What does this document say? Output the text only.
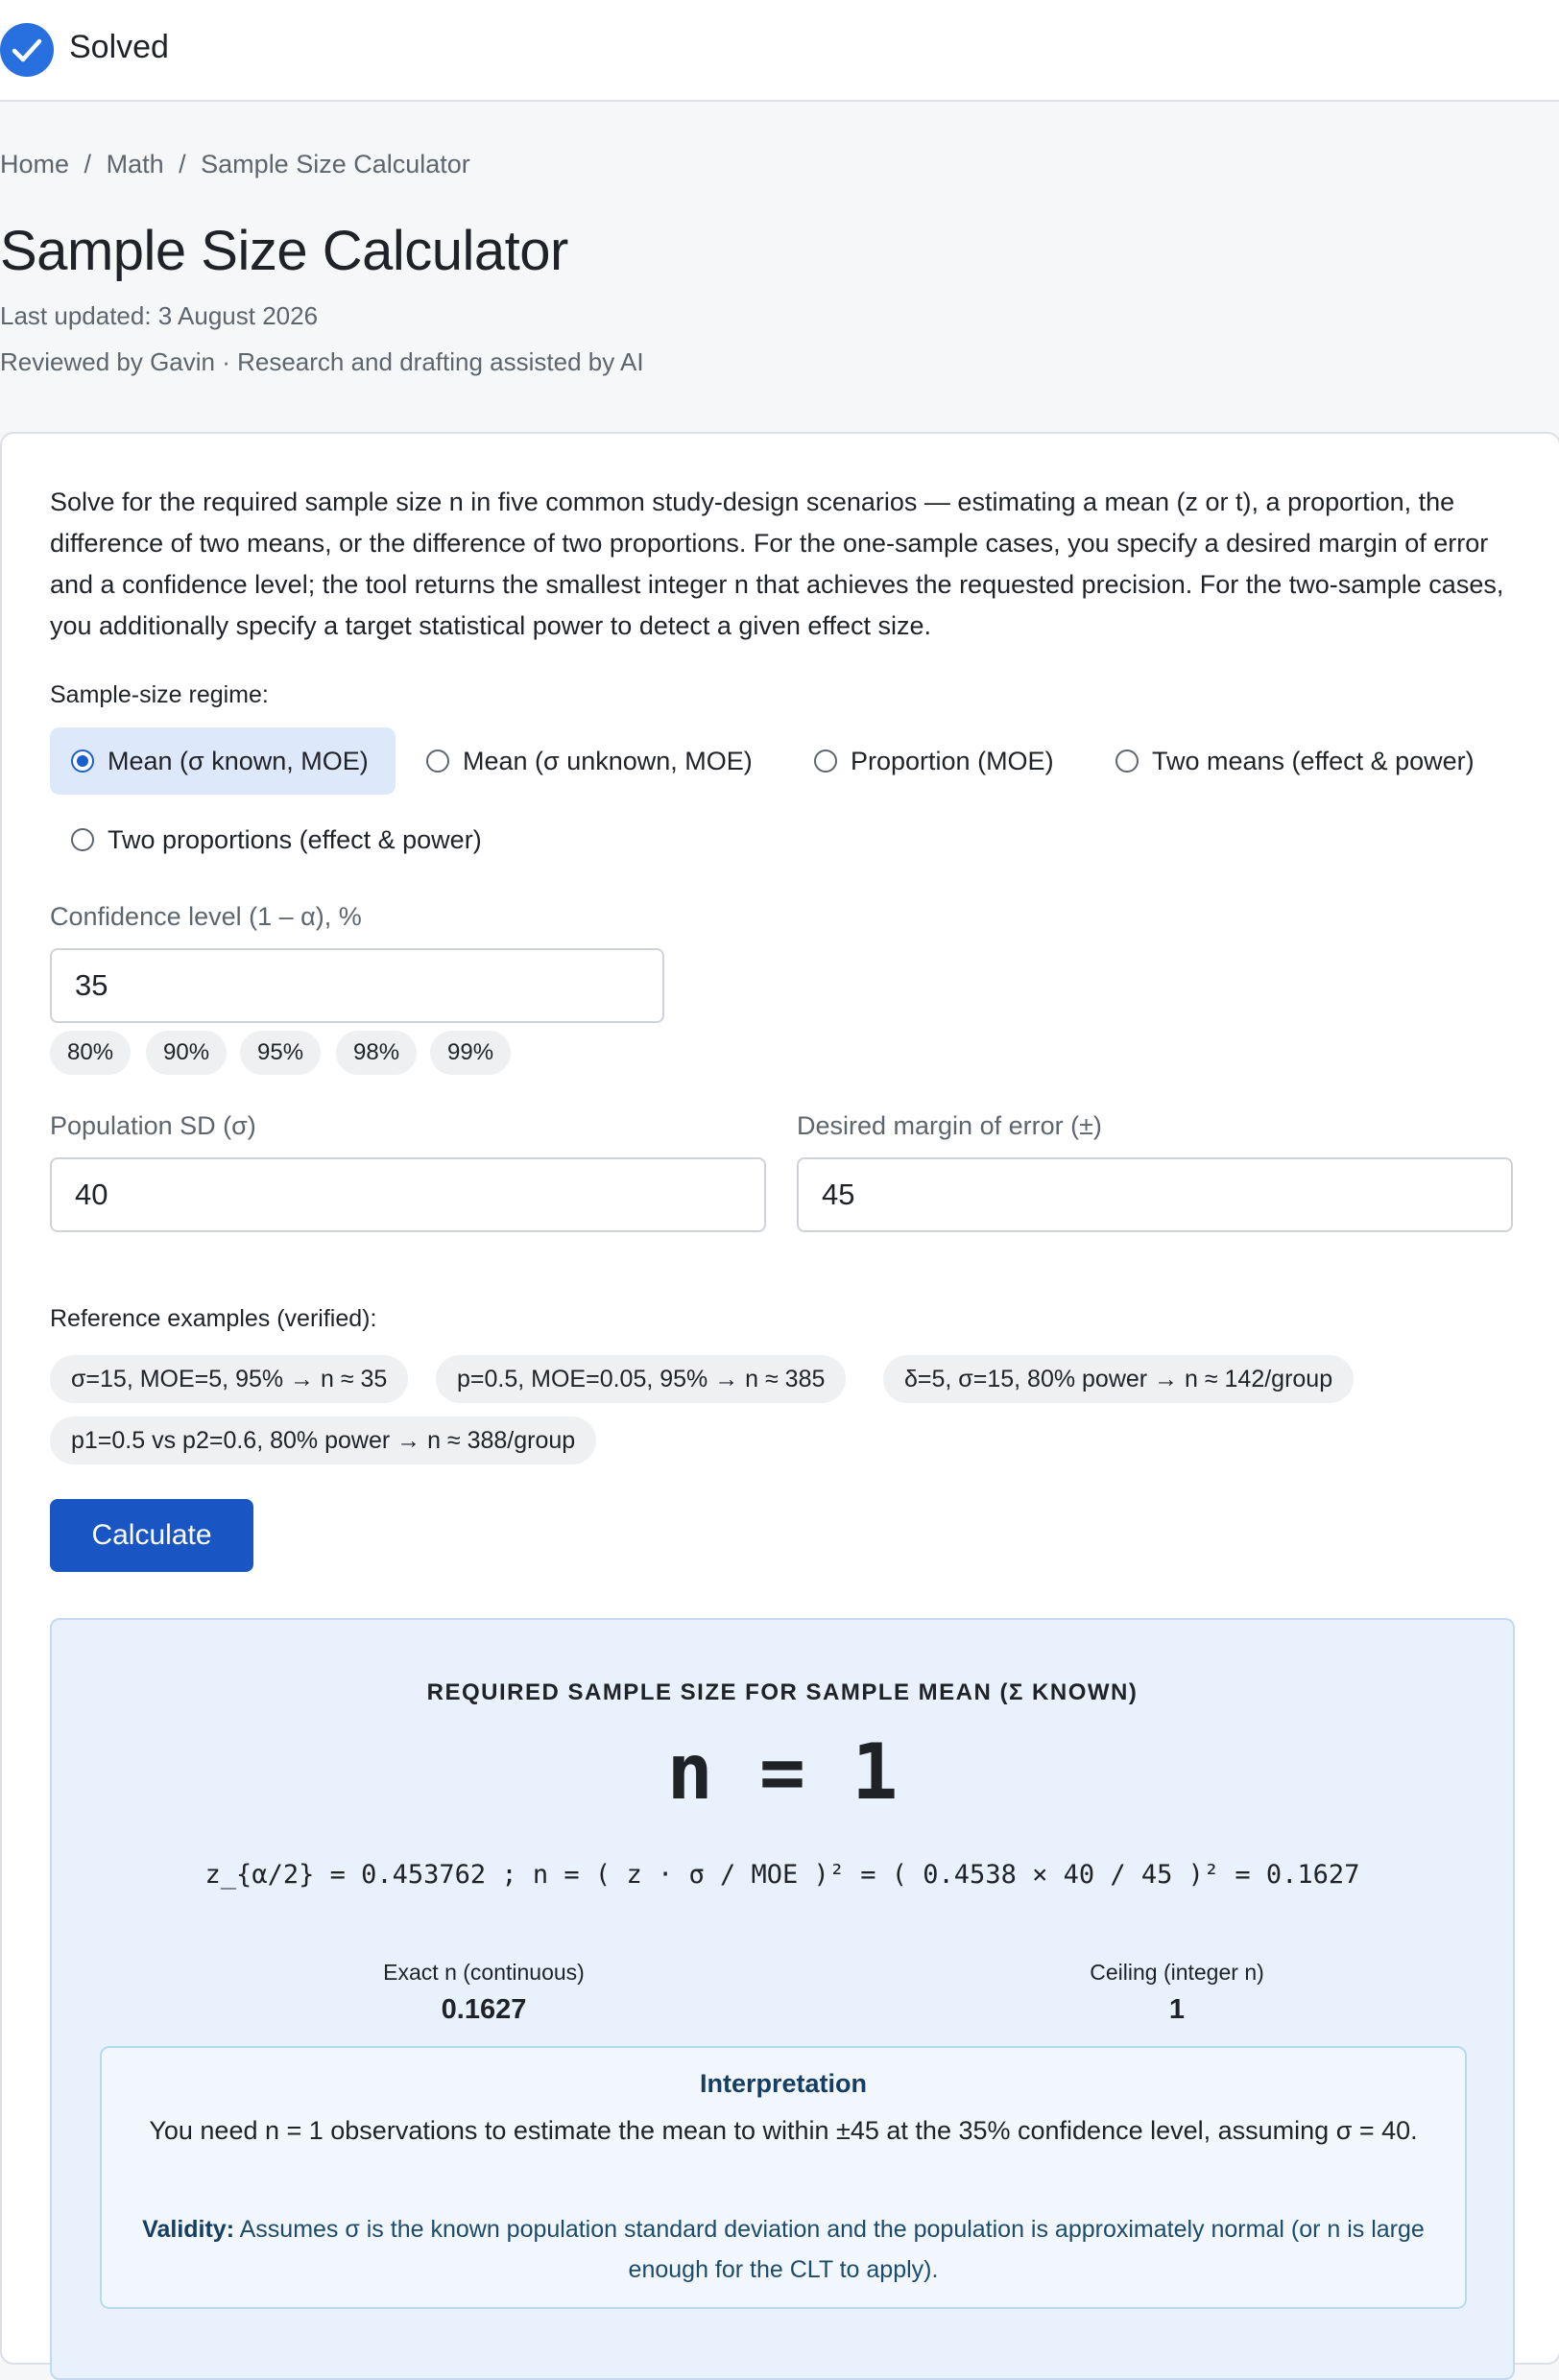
Solved
Home / Math / Sample Size Calculator
Sample Size Calculator
Last updated: 3 August 2026
Reviewed by Gavin · Research and drafting assisted by AI

Solve for the required sample size n in five common study-design scenarios — estimating a mean (z or t), a proportion, the difference of two means, or the difference of two proportions. For the one-sample cases, you specify a desired margin of error and a confidence level; the tool returns the smallest integer n that achieves the requested precision. For the two-sample cases, you additionally specify a target statistical power to detect a given effect size.

Sample-size regime:
Mean (σ known, MOE)	Mean (σ unknown, MOE)	Proportion (MOE)	Two means (effect & power)
Two proportions (effect & power)
Confidence level (1 – α), %
35
80%	90%	95%	98%	99%
Population SD (σ)
40
Desired margin of error (±)
45
Reference examples (verified):
σ=15, MOE=5, 95% → n ≈ 35	p=0.5, MOE=0.05, 95% → n ≈ 385	δ=5, σ=15, 80% power → n ≈ 142/group
p1=0.5 vs p2=0.6, 80% power → n ≈ 388/group
Calculate
REQUIRED SAMPLE SIZE FOR SAMPLE MEAN (Σ KNOWN)
n = 1
z_{α/2} = 0.453762 ; n = ( z · σ / MOE )² = ( 0.4538 × 40 / 45 )² = 0.1627
Exact n (continuous)
0.1627
Ceiling (integer n)
1
Interpretation

You need n = 1 observations to estimate the mean to within ±45 at the 35% confidence level, assuming σ = 40.

Validity: Assumes σ is the known population standard deviation and the population is approximately normal (or n is large enough for the CLT to apply).
